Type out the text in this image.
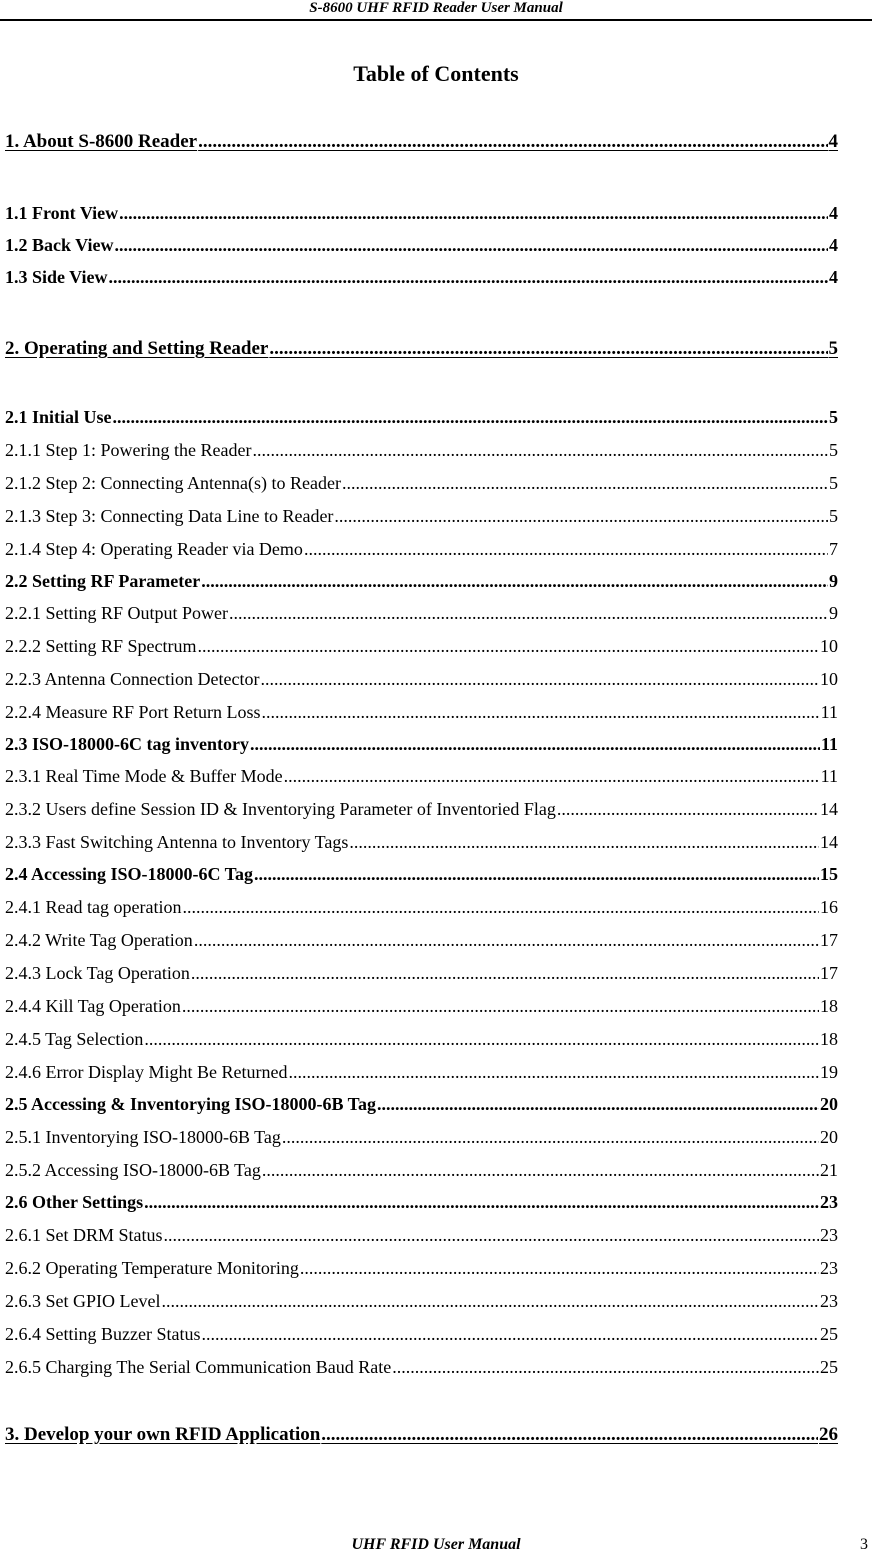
S-8600 UHF RFID Reader User Manual
Table of Contents
1. About S-8600 Reader .....	4
1.1 Front View .....	4
1.2 Back View .....	4
1.3 Side View .....	4
2. Operating and Setting Reader .....	5
2.1 Initial Use .....	5
2.1.1 Step 1: Powering the Reader .....	5
2.1.2 Step 2: Connecting Antenna(s) to Reader .....	5
2.1.3 Step 3: Connecting Data Line to Reader .....	5
2.1.4 Step 4: Operating Reader via Demo .....	7
2.2 Setting RF Parameter .....	9
2.2.1 Setting RF Output Power .....	9
2.2.2 Setting RF Spectrum .....	10
2.2.3 Antenna Connection Detector .....	10
2.2.4 Measure RF Port Return Loss .....	11
2.3 ISO-18000-6C tag inventory .....	11
2.3.1 Real Time Mode & Buffer Mode .....	11
2.3.2 Users define Session ID & Inventorying Parameter of Inventoried Flag .....	14
2.3.3 Fast Switching Antenna to Inventory Tags .....	14
2.4 Accessing ISO-18000-6C Tag .....	15
2.4.1 Read tag operation .....	16
2.4.2 Write Tag Operation .....	17
2.4.3 Lock Tag Operation .....	17
2.4.4 Kill Tag Operation .....	18
2.4.5 Tag Selection .....	18
2.4.6 Error Display Might Be Returned .....	19
2.5 Accessing & Inventorying ISO-18000-6B Tag .....	20
2.5.1 Inventorying ISO-18000-6B Tag .....	20
2.5.2 Accessing ISO-18000-6B Tag .....	21
2.6 Other Settings .....	23
2.6.1 Set DRM Status .....	23
2.6.2 Operating Temperature Monitoring .....	23
2.6.3 Set GPIO Level .....	23
2.6.4 Setting Buzzer Status .....	25
2.6.5 Charging The Serial Communication Baud Rate .....	25
3. Develop your own RFID Application .....	26
UHF RFID User Manual	3
